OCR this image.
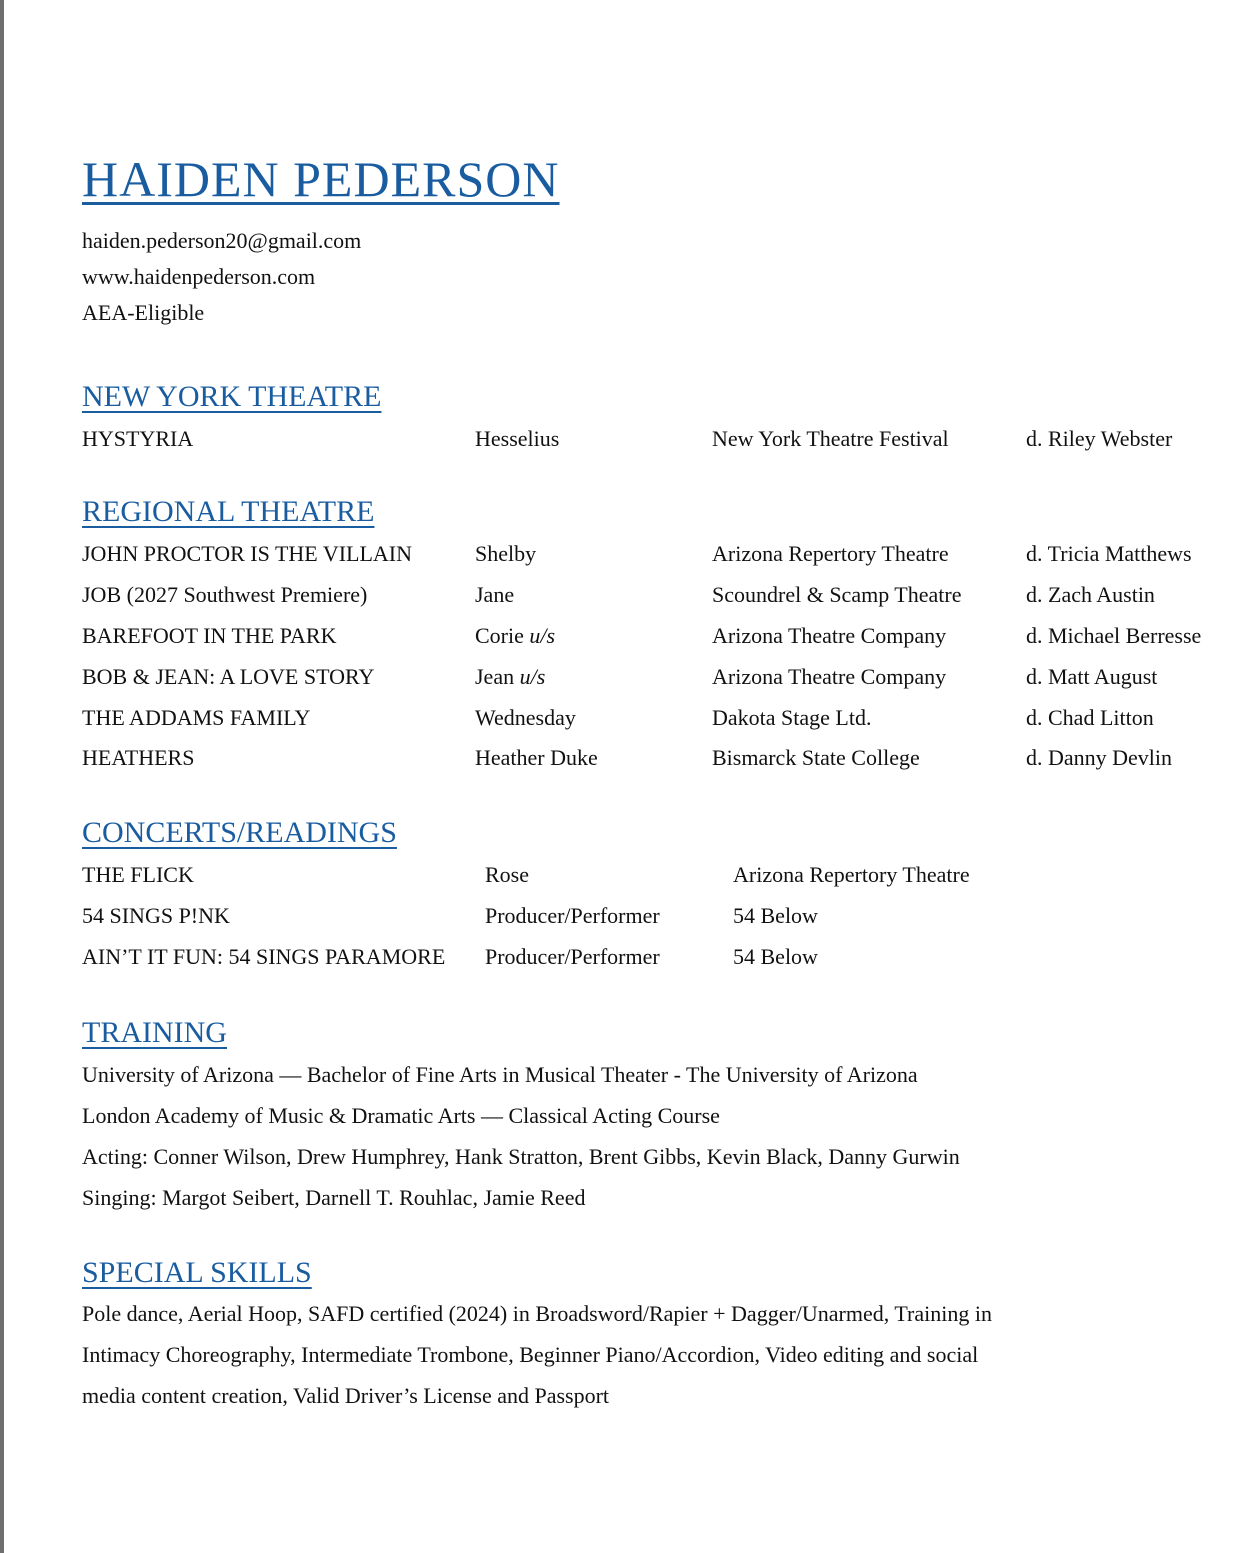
HAIDEN PEDERSON
haiden.pederson20@gmail.com
www.haidenpederson.com
AEA-Eligible
NEW YORK THEATRE
HYSTYRIA	Hesselius	New York Theatre Festival	d. Riley Webster
REGIONAL THEATRE
JOHN PROCTOR IS THE VILLAIN	Shelby	Arizona Repertory Theatre	d. Tricia Matthews
JOB (2027 Southwest Premiere)	Jane	Scoundrel & Scamp Theatre	d. Zach Austin
BAREFOOT IN THE PARK	Corie u/s	Arizona Theatre Company	d. Michael Berresse
BOB & JEAN: A LOVE STORY	Jean u/s	Arizona Theatre Company	d. Matt August
THE ADDAMS FAMILY	Wednesday	Dakota Stage Ltd.	d. Chad Litton
HEATHERS	Heather Duke	Bismarck State College	d. Danny Devlin
CONCERTS/READINGS
THE FLICK	Rose	Arizona Repertory Theatre
54 SINGS P!NK	Producer/Performer	54 Below
AIN’T IT FUN: 54 SINGS PARAMORE Producer/Performer	54 Below
TRAINING
University of Arizona — Bachelor of Fine Arts in Musical Theater - The University of Arizona
London Academy of Music & Dramatic Arts — Classical Acting Course
Acting: Conner Wilson, Drew Humphrey, Hank Stratton, Brent Gibbs, Kevin Black, Danny Gurwin
Singing: Margot Seibert, Darnell T. Rouhlac, Jamie Reed
SPECIAL SKILLS
Pole dance, Aerial Hoop, SAFD certified (2024) in Broadsword/Rapier + Dagger/Unarmed, Training in
Intimacy Choreography, Intermediate Trombone, Beginner Piano/Accordion, Video editing and social
media content creation, Valid Driver’s License and Passport
